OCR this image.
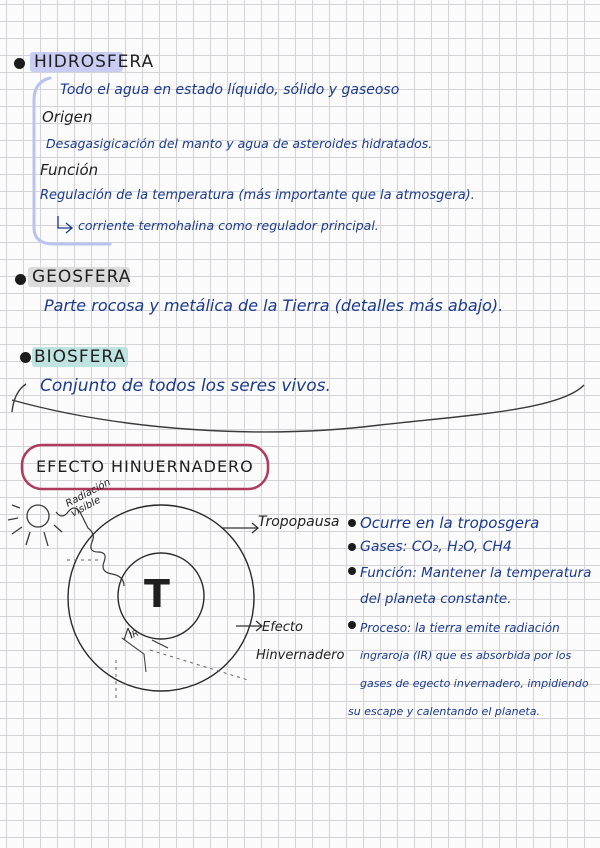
HIDROSFERA
Todo el agua en estado líquido, sólido y gaseoso
Origen
Desagasigicación del manto y agua de asteroides hidratados.
Función
Regulación de la temperatura (más importante que la atmosgera).
corriente termohalina como regulador principal.
GEOSFERA
Parte rocosa y metálica de la Tierra (detalles más abajo).
BIOSFERA
Conjunto de todos los seres vivos.
EFECTO HINUERNADERO
Radiación visible
T
IR
Tropopausa
Efecto
Hinvernadero
Ocurre en la troposgera
Gases: CO₂, H₂O, CH4
Función: Mantener la temperatura
del planeta constante.
Proceso: la tierra emite radiación
ingraroja (IR) que es absorbida por los
gases de egecto invernadero, impidiendo
su escape y calentando el planeta.
